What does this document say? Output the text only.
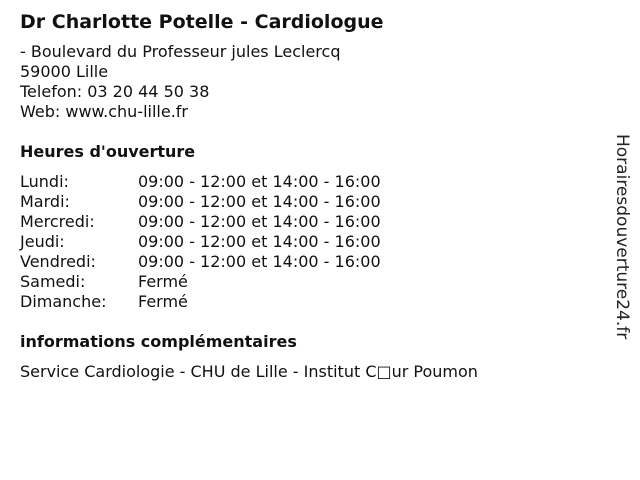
Dr Charlotte Potelle - Cardiologue
- Boulevard du Professeur jules Leclercq
59000 Lille
Telefon: 03 20 44 50 38
Web: www.chu-lille.fr
Heures d'ouverture
Lundi:	09:00 - 12:00 et 14:00 - 16:00
Mardi:	09:00 - 12:00 et 14:00 - 16:00
Mercredi:	09:00 - 12:00 et 14:00 - 16:00
Jeudi:	09:00 - 12:00 et 14:00 - 16:00
Vendredi:	09:00 - 12:00 et 14:00 - 16:00
Samedi:	Fermé
Dimanche:	Fermé
informations complémentaires
Service Cardiologie - CHU de Lille - Institut C□ur Poumon
Horairesdouverture24.fr
